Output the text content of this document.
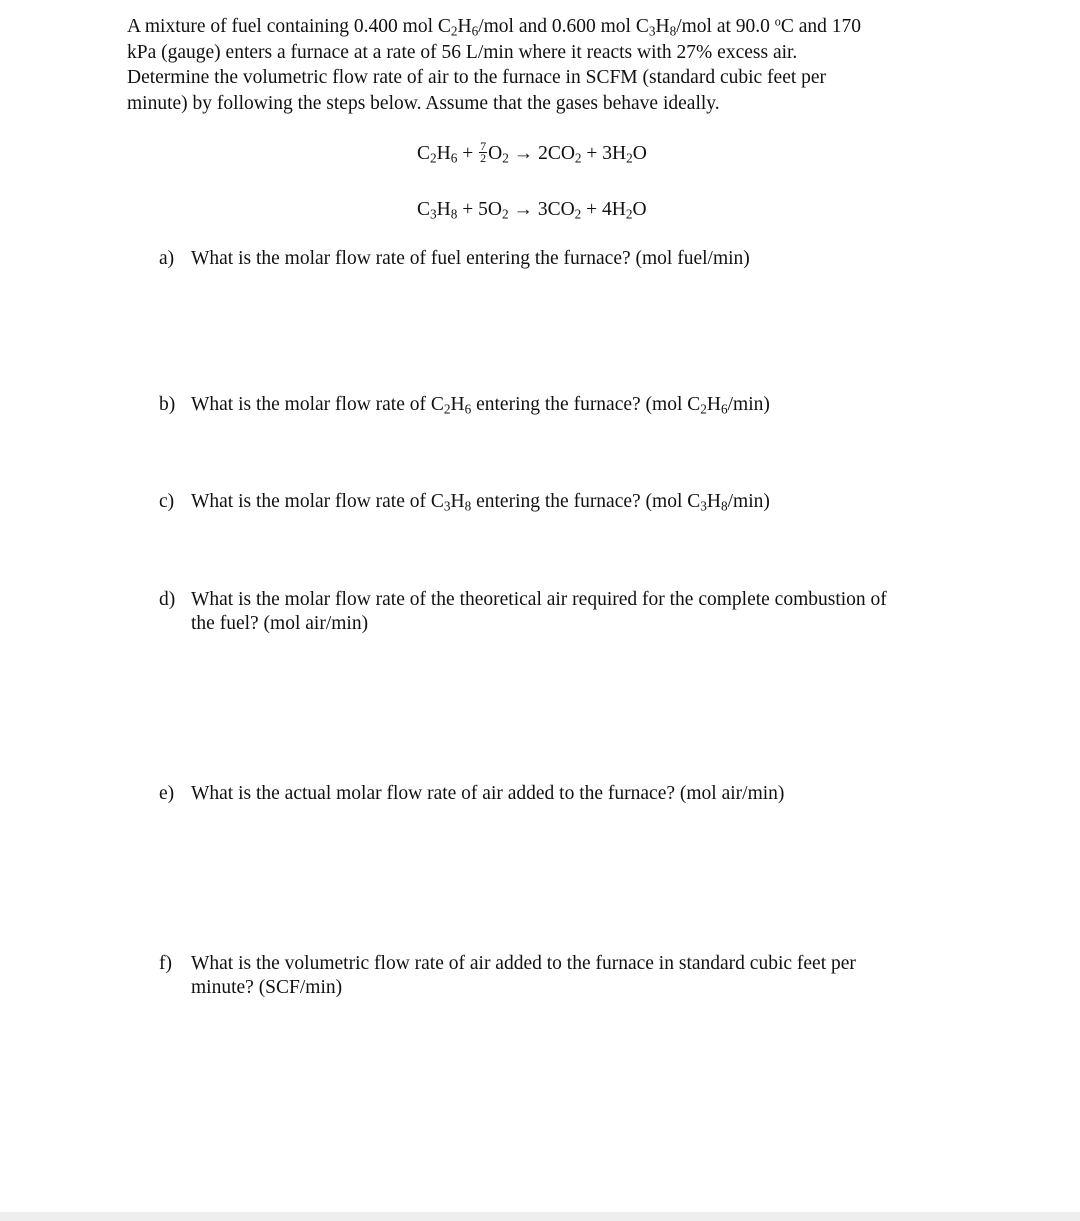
A mixture of fuel containing 0.400 mol $C_2H_6$/mol and 0.600 mol $C_3H_8$/mol at 90.0 $^o$C and 170

kPa (gauge) enters a furnace at a rate of 56 L/min where it reacts with 27% excess air.

Determine the volumetric flow rate of air to the furnace in SCFM (standard cubic feet per

minute) by following the steps below. Assume that the gases behave ideally.

$C_2H_6 + \frac{7}{2} O_2 \to 2CO_2 + 3H_2O$
$C_3H_8 + 5O_2 \to 3CO_2 + 4H_2O$
a) What is the molar flow rate of fuel entering the furnace? (mol fuel/min)
b) What is the molar flow rate of $C_2H_6$ entering the furnace? (mol $C_2H_6/\min$)
c) What is the molar flow rate of $C_3H_8$ entering the furnace? (mol $C_3H_8/\min$)
d) What is the molar flow rate of the theoretical air required for the complete combustion of
the fuel? (mol air/min)
e) What is the actual molar flow rate of air added to the furnace? (mol air/min)
f) What is the volumetric flow rate of air added to the furnace in standard cubic feet per
minute? (SCF/min)
